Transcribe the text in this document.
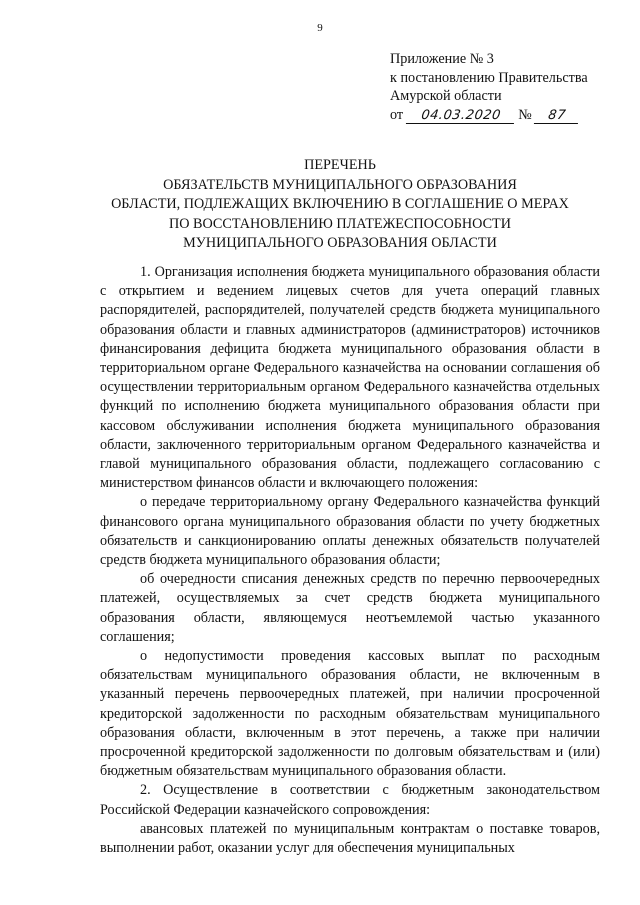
9
Приложение № 3
к постановлению Правительства
Амурской области
от 04.03.2020 № 87
ПЕРЕЧЕНЬ
ОБЯЗАТЕЛЬСТВ МУНИЦИПАЛЬНОГО ОБРАЗОВАНИЯ
ОБЛАСТИ, ПОДЛЕЖАЩИХ ВКЛЮЧЕНИЮ В СОГЛАШЕНИЕ О МЕРАХ
ПО ВОССТАНОВЛЕНИЮ ПЛАТЕЖЕСПОСОБНОСТИ
МУНИЦИПАЛЬНОГО ОБРАЗОВАНИЯ ОБЛАСТИ

1. Организация исполнения бюджета муниципального образования области с открытием и ведением лицевых счетов для учета операций главных распорядителей, распорядителей, получателей средств бюджета муниципального образования области и главных администраторов (администраторов) источников финансирования дефицита бюджета муниципального образования области в территориальном органе Федерального казначейства на основании соглашения об осуществлении территориальным органом Федерального казначейства отдельных функций по исполнению бюджета муниципального образования области при кассовом обслуживании исполнения бюджета муниципального образования области, заключенного территориальным органом Федерального казначейства и главой муниципального образования области, подлежащего согласованию с министерством финансов области и включающего положения:

о передаче территориальному органу Федерального казначейства функций финансового органа муниципального образования области по учету бюджетных обязательств и санкционированию оплаты денежных обязательств получателей средств бюджета муниципального образования области;

об очередности списания денежных средств по перечню первоочередных платежей, осуществляемых за счет средств бюджета муниципального образования области, являющемуся неотъемлемой частью указанного соглашения;

о недопустимости проведения кассовых выплат по расходным обязательствам муниципального образования области, не включенным в указанный перечень первоочередных платежей, при наличии просроченной кредиторской задолженности по расходным обязательствам муниципального образования области, включенным в этот перечень, а также при наличии просроченной кредиторской задолженности по долговым обязательствам и (или) бюджетным обязательствам муниципального образования области.

2. Осуществление в соответствии с бюджетным законодательством Российской Федерации казначейского сопровождения:

авансовых платежей по муниципальным контрактам о поставке товаров, выполнении работ, оказании услуг для обеспечения муниципальных
